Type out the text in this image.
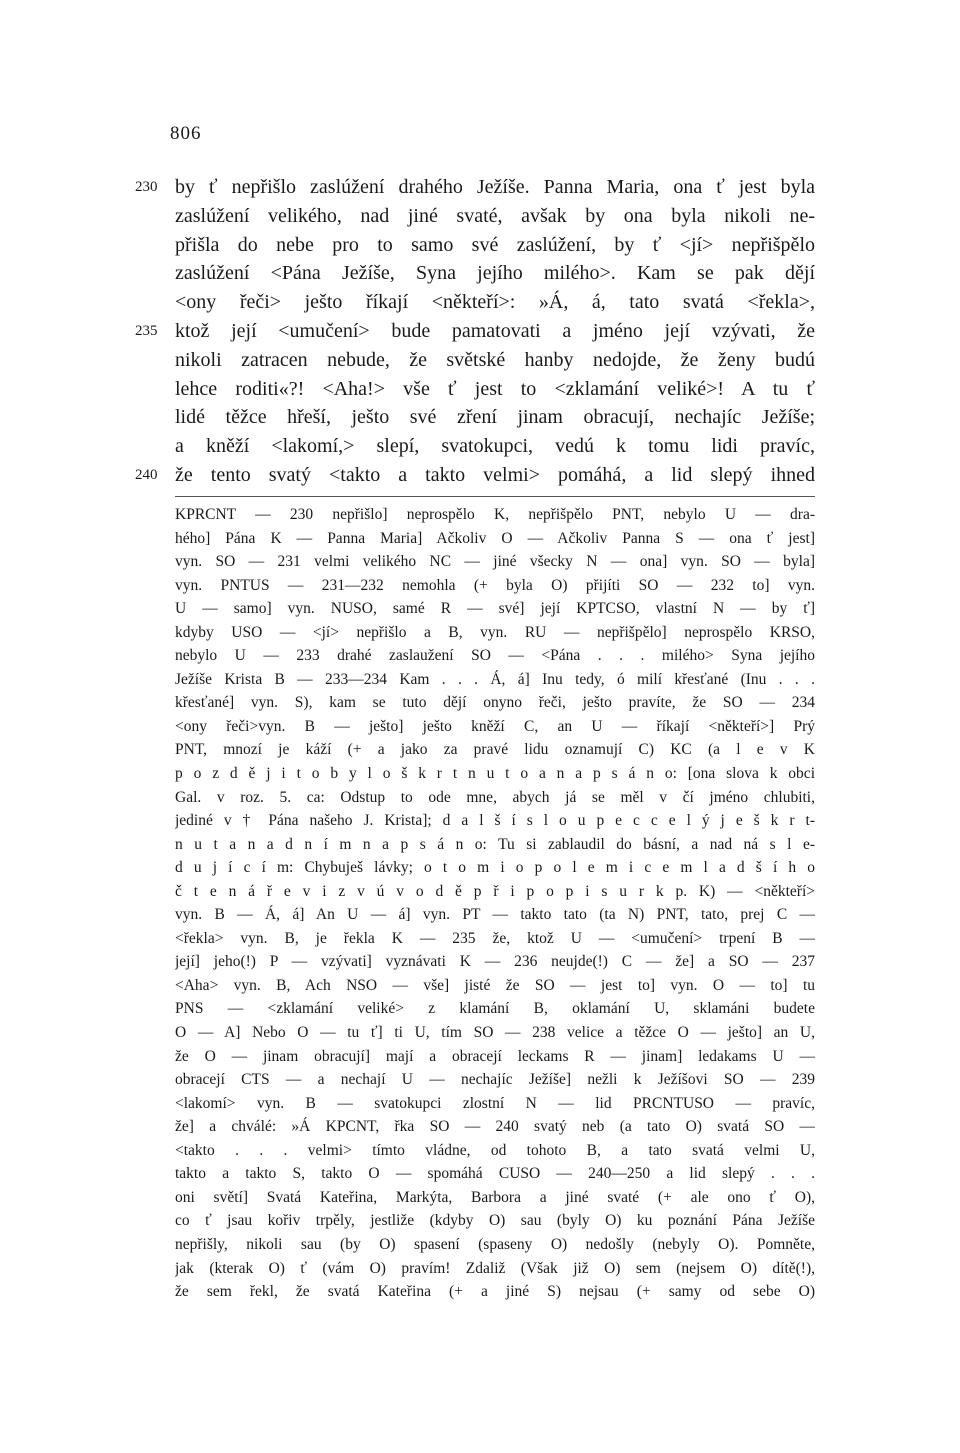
806
230 by ť nepřišlo zaslúžení drahého Ježíše. Panna Maria, ona ť jest byla
zaslúžení velikého, nad jiné svaté, avšak by ona byla nikoli ne-
přišla do nebe pro to samo své zaslúžení, by ť <jí> nepřišpělo
zaslúžení <Pána Ježíše, Syna jejího milého>. Kam se pak dějí
<ony řeči> ješto říkají <někteří>: »Á, á, tato svatá <řekla>,
235 ktož její <umučení> bude pamatovati a jméno její vzývati, že
nikoli zatracen nebude, že světské hanby nedojde, že ženy budú
lehce roditi«?! <Aha!> vše ť jest to <zklamání veliké>! A tu ť
lidé těžce hřeší, ješto své zření jinam obracují, nechajíc Ježíše;
a kněží <lakomí,> slepí, svatokupci, vedú k tomu lidi pravíc,
240 že tento svatý <takto a takto velmi> pomáhá, a lid slepý ihned
KPRCNT — 230 nepřišlo] neprospělo K, nepřišpělo PNT, nebylo U — dra-
hého] Pána K — Panna Maria] Ačkoliv O — Ačkoliv Panna S — ona ť jest]
vyn. SO — 231 velmi velikého NC — jiné všecky N — ona] vyn. SO — byla]
vyn. PNTUS — 231—232 nemohla (+ byla O) přijíti SO — 232 to] vyn.
U — samo] vyn. NUSO, samé R — své] její KPTCSO, vlastní N — by ť]
kdyby USO — <jí> nepřišlo a B, vyn. RU — nepřišpělo] neprospělo KRSO,
nebylo U — 233 drahé zaslaužení SO — <Pána . . . milého> Syna jejího
Ježíše Krista B — 233—234 Kam . . . Á, á] Inu tedy, ó milí křesťané (Inu . . .
křesťané] vyn. S), kam se tuto dějí onyno řeči, ješto pravíte, že SO — 234
<ony řeči>vyn. B — ješto] ješto kněží C, an U — říkají <někteří>] Prý
PNT, mnozí je káží (+ a jako za pravé lidu oznamují C) KC (a l e v K
p o z d ě j i t o b y l o š k r t n u t o a n a p s á n o: [ona slova k obci
Gal. v roz. 5. ca: Odstup to ode mne, abych já se měl v čí jméno chlubiti,
jediné v † Pána našeho J. Krista]; d a l š í s l o u p e c c e l ý j e š k r t-
n u t a n a d n í m n a p s á n o: Tu si zablaudil do básní, a nad ná s l e-
d u j í c í m: Chybuješ lávky; o t o m i o p o l e m i c e m l a d š í h o
č t e n á ř e v i z v ú v o d ě p ř i p o p i s u r k p. K) — <někteří>
vyn. B — Á, á] An U — á] vyn. PT — takto tato (ta N) PNT, tato, prej C —
<řekla> vyn. B, je řekla K — 235 že, ktož U — <umučení> trpení B —
její] jeho(!) P — vzývati] vyznávati K — 236 neujde(!) C — že] a SO — 237
<Aha> vyn. B, Ach NSO — vše] jisté že SO — jest to] vyn. O — to] tu
PNS — <zklamání veliké> z klamání B, oklamání U, sklamáni budete
O — A] Nebo O — tu ť] ti U, tím SO — 238 velice a těžce O — ješto] an U,
že O — jinam obracují] mají a obracejí leckams R — jinam] ledakams U —
obracejí CTS — a nechají U — nechajíc Ježíše] nežli k Ježíšovi SO — 239
<lakomí> vyn. B — svatokupci zlostní N — lid PRCNTUSO — pravíc,
že] a chválé: »Á KPCNT, řka SO — 240 svatý neb (a tato O) svatá SO —
<takto . . . velmi> tímto vládne, od tohoto B, a tato svatá velmi U,
takto a takto S, takto O — spomáhá CUSO — 240—250 a lid slepý . . .
oni světí] Svatá Kateřina, Markýta, Barbora a jiné svaté (+ ale ono ť O),
co ť jsau kořiv trpěly, jestliže (kdyby O) sau (byly O) ku poznání Pána Ježíše
nepřišly, nikoli sau (by O) spasení (spaseny O) nedošly (nebyly O). Pomněte,
jak (kterak O) ť (vám O) pravím! Zdaliž (Však již O) sem (nejsem O) dítě(!),
že sem řekl, že svatá Kateřina (+ a jiné S) nejsau (+ samy od sebe O)
